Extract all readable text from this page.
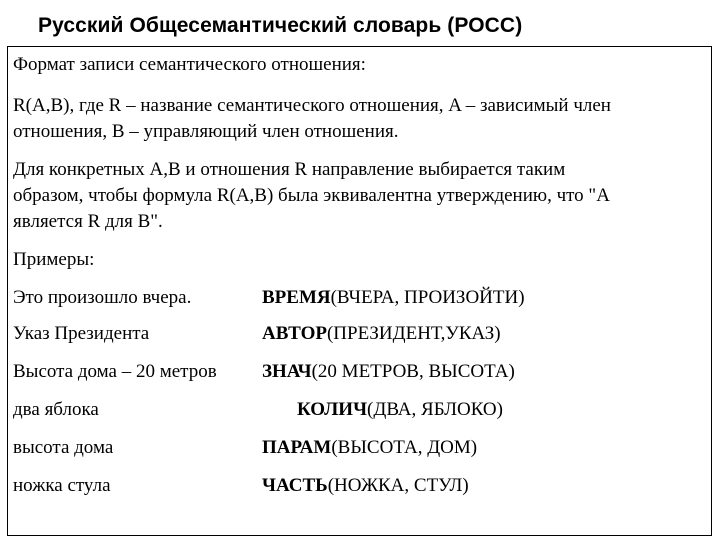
Русский Общесемантический словарь (РОСС)
Формат записи семантического отношения:
R(A,B), где R – название семантического отношения, A – зависимый член
отношения, B – управляющий член отношения.
Для конкретных A,B и отношения R направление выбирается таким
образом, чтобы формула R(A,B) была эквивалентна утверждению, что "A
является R для B".
Примеры:
Это произошло вчера.	ВРЕМЯ(ВЧЕРА, ПРОИЗОЙТИ)
Указ Президента	АВТОР(ПРЕЗИДЕНТ,УКАЗ)
Высота дома – 20 метров ЗНАЧ(20 МЕТРОВ, ВЫСОТА)
два яблока	КОЛИЧ(ДВА, ЯБЛОКО)
высота дома	ПАРАМ(ВЫСОТА, ДОМ)
ножка стула	ЧАСТЬ(НОЖКА, СТУЛ)
